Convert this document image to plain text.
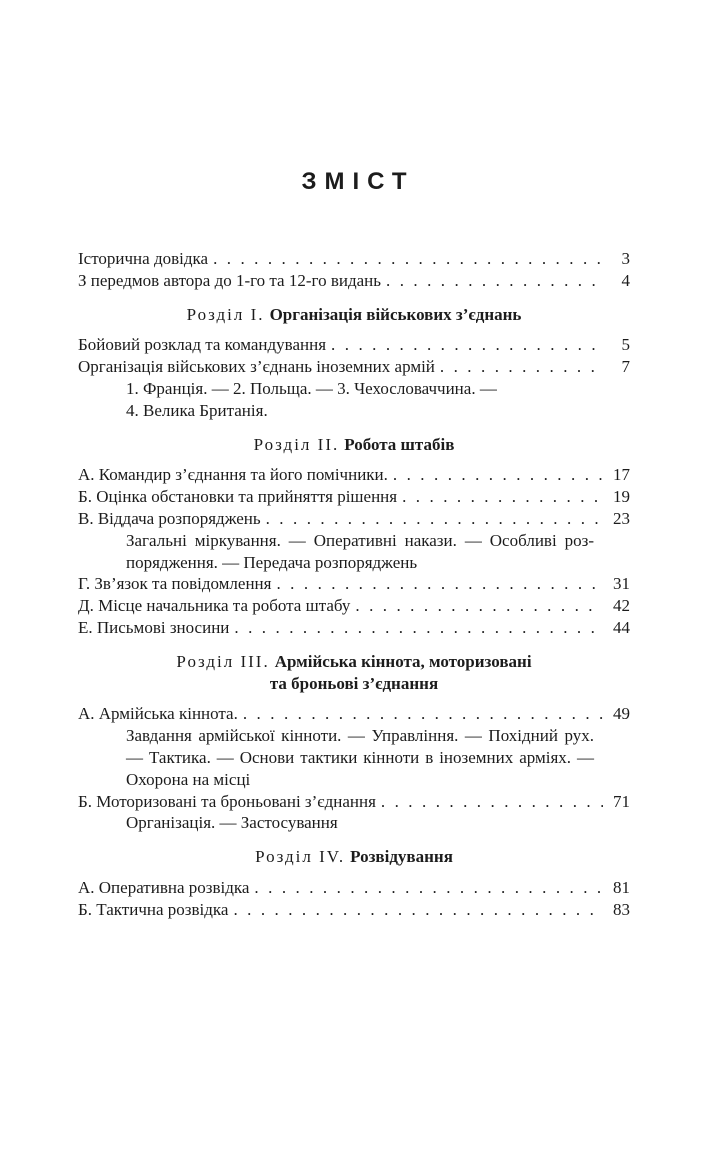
ЗМІСТ
Історична довідка . . .	3
З передмов автора до 1-го та 12-го видань . . .	4
Розділ I. Організація військових з’єднань
Бойовий розклад та командування . . .	5
Організація військових з’єднань іноземних армій . . .	7
1. Франція. — 2. Польща. — 3. Чехословаччина. —
4. Велика Британія.
Розділ II. Робота штабів
А. Командир з’єднання та його помічники. . . .	17
Б. Оцінка обстановки та прийняття рішення . . .	19
В. Віддача розпоряджень . . .	23
Загальні міркування. — Оперативні накази. — Особливі роз-
порядження. — Передача розпоряджень
Г. Зв’язок та повідомлення . . .	31
Д. Місце начальника та робота штабу . . .	42
Е. Письмові зносини . . .	44
Розділ III. Армійська кіннота, моторизовані
та броньові з’єднання
А. Армійська кіннота. . . .	49
Завдання армійської кінноти. — Управління. — Похідний рух.
— Тактика. — Основи тактики кінноти в іноземних арміях. —
Охорона на місці
Б. Моторизовані та броньовані з’єднання . . .	71
Організація. — Застосування
Розділ IV. Розвідування
А. Оперативна розвідка . . .	81
Б. Тактична розвідка . . .	83
